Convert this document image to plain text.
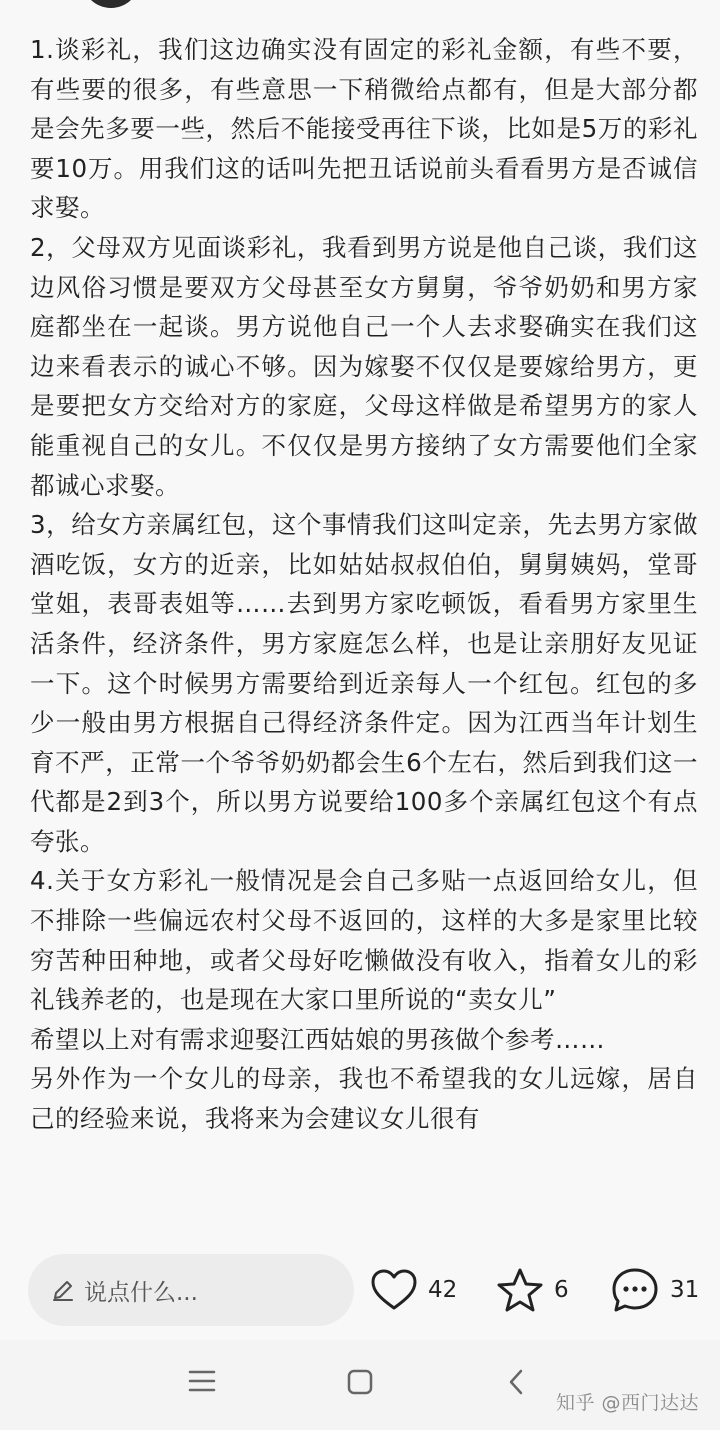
1.谈彩礼，我们这边确实没有固定的彩礼金额，有些不要，有些要的很多，有些意思一下稍微给点都有，但是大部分都是会先多要一些，然后不能接受再往下谈，比如是5万的彩礼要10万。用我们这的话叫先把丑话说前头看看男方是否诚信求娶。

2，父母双方见面谈彩礼，我看到男方说是他自己谈，我们这边风俗习惯是要双方父母甚至女方舅舅，爷爷奶奶和男方家庭都坐在一起谈。男方说他自己一个人去求娶确实在我们这边来看表示的诚心不够。因为嫁娶不仅仅是要嫁给男方，更是要把女方交给对方的家庭，父母这样做是希望男方的家人能重视自己的女儿。不仅仅是男方接纳了女方需要他们全家都诚心求娶。

3，给女方亲属红包，这个事情我们这叫定亲，先去男方家做酒吃饭，女方的近亲，比如姑姑叔叔伯伯，舅舅姨妈，堂哥堂姐，表哥表姐等……去到男方家吃顿饭，看看男方家里生活条件，经济条件，男方家庭怎么样，也是让亲朋好友见证一下。这个时候男方需要给到近亲每人一个红包。红包的多少一般由男方根据自己得经济条件定。因为江西当年计划生育不严，正常一个爷爷奶奶都会生6个左右，然后到我们这一代都是2到3个，所以男方说要给100多个亲属红包这个有点夸张。

4.关于女方彩礼一般情况是会自己多贴一点返回给女儿，但不排除一些偏远农村父母不返回的，这样的大多是家里比较穷苦种田种地，或者父母好吃懒做没有收入，指着女儿的彩礼钱养老的，也是现在大家口里所说的“卖女儿”

希望以上对有需求迎娶江西姑娘的男孩做个参考……

另外作为一个女儿的母亲，我也不希望我的女儿远嫁，居自己的经验来说，我将来为会建议女儿很有

说点什么...	42	6	31
知乎 @西门达达
